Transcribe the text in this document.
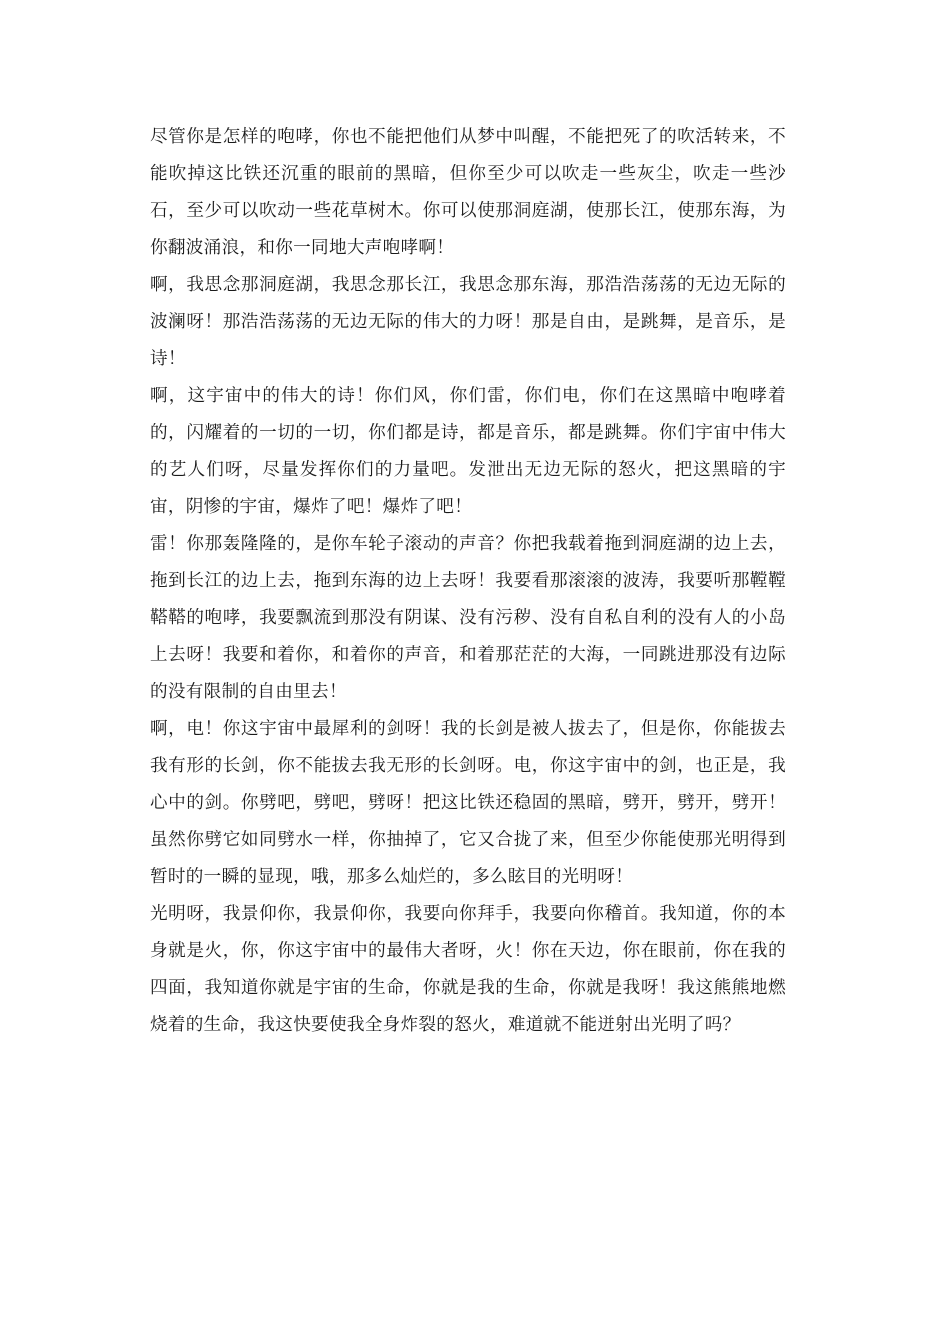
尽管你是怎样的咆哮，你也不能把他们从梦中叫醒，不能把死了的吹活转来，不能吹掉这比铁还沉重的眼前的黑暗，但你至少可以吹走一些灰尘，吹走一些沙石，至少可以吹动一些花草树木。你可以使那洞庭湖，使那长江，使那东海，为你翻波涌浪，和你一同地大声咆哮啊！

啊，我思念那洞庭湖，我思念那长江，我思念那东海，那浩浩荡荡的无边无际的波澜呀！那浩浩荡荡的无边无际的伟大的力呀！那是自由，是跳舞，是音乐，是诗！

啊，这宇宙中的伟大的诗！你们风，你们雷，你们电，你们在这黑暗中咆哮着的，闪耀着的一切的一切，你们都是诗，都是音乐，都是跳舞。你们宇宙中伟大的艺人们呀，尽量发挥你们的力量吧。发泄出无边无际的怒火，把这黑暗的宇宙，阴惨的宇宙，爆炸了吧！爆炸了吧！

雷！你那轰隆隆的，是你车轮子滚动的声音？你把我载着拖到洞庭湖的边上去，拖到长江的边上去，拖到东海的边上去呀！我要看那滚滚的波涛，我要听那鞺鞺鞳鞳的咆哮，我要飘流到那没有阴谋、没有污秽、没有自私自利的没有人的小岛上去呀！我要和着你，和着你的声音，和着那茫茫的大海，一同跳进那没有边际的没有限制的自由里去！

啊，电！你这宇宙中最犀利的剑呀！我的长剑是被人拔去了，但是你，你能拔去我有形的长剑，你不能拔去我无形的长剑呀。电，你这宇宙中的剑，也正是，我心中的剑。你劈吧，劈吧，劈呀！把这比铁还稳固的黑暗，劈开，劈开，劈开！虽然你劈它如同劈水一样，你抽掉了，它又合拢了来，但至少你能使那光明得到暂时的一瞬的显现，哦，那多么灿烂的，多么眩目的光明呀！

光明呀，我景仰你，我景仰你，我要向你拜手，我要向你稽首。我知道，你的本身就是火，你，你这宇宙中的最伟大者呀，火！你在天边，你在眼前，你在我的四面，我知道你就是宇宙的生命，你就是我的生命，你就是我呀！我这熊熊地燃烧着的生命，我这快要使我全身炸裂的怒火，难道就不能迸射出光明了吗？
